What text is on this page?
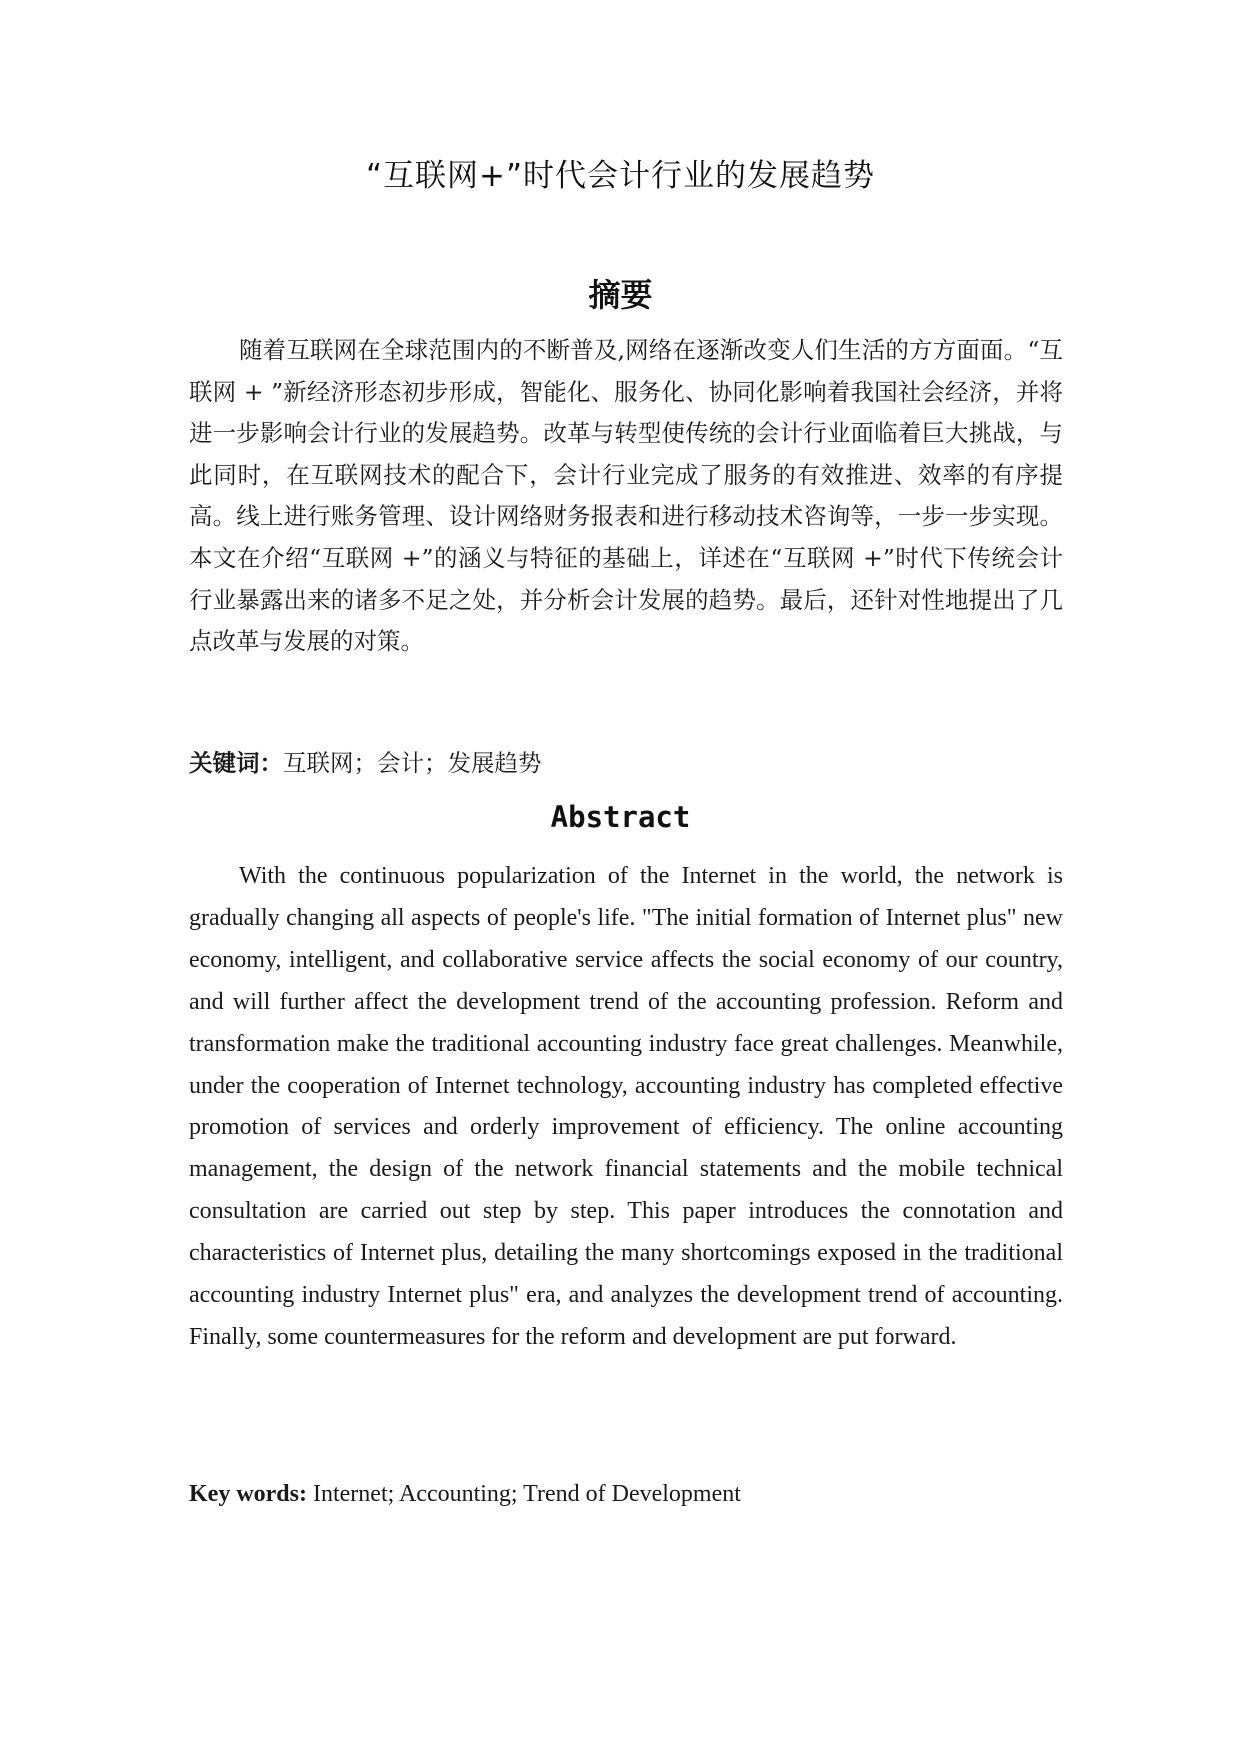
“互联网+”时代会计行业的发展趋势
摘要

随着互联网在全球范围内的不断普及,网络在逐渐改变人们生活的方方面面。“互联网 + ”新经济形态初步形成，智能化、服务化、协同化影响着我国社会经济，并将进一步影响会计行业的发展趋势。改革与转型使传统的会计行业面临着巨大挑战，与此同时，在互联网技术的配合下，会计行业完成了服务的有效推进、效率的有序提高。线上进行账务管理、设计网络财务报表和进行移动技术咨询等，一步一步实现。本文在介绍“互联网 +”的涵义与特征的基础上，详述在“互联网 +”时代下传统会计行业暴露出来的诸多不足之处，并分析会计发展的趋势。最后，还针对性地提出了几点改革与发展的对策。

关键词：互联网；会计；发展趋势

Abstract

With the continuous popularization of the Internet in the world, the network is gradually changing all aspects of people's life. "The initial formation of Internet plus" new economy, intelligent, and collaborative service affects the social economy of our country, and will further affect the development trend of the accounting profession. Reform and transformation make the traditional accounting industry face great challenges. Meanwhile, under the cooperation of Internet technology, accounting industry has completed effective promotion of services and orderly improvement of efficiency. The online accounting management, the design of the network financial statements and the mobile technical consultation are carried out step by step. This paper introduces the connotation and characteristics of Internet plus, detailing the many shortcomings exposed in the traditional accounting industry Internet plus" era, and analyzes the development trend of accounting. Finally, some countermeasures for the reform and development are put forward.

Key words: Internet; Accounting; Trend of Development
